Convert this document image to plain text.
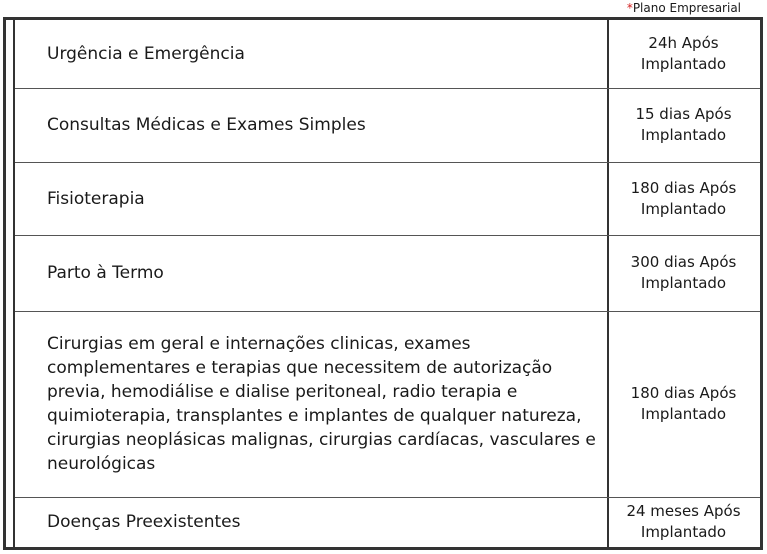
*Plano Empresarial
Urgência e Emergência
24h Após Implantado
Consultas Médicas e Exames Simples
15 dias Após Implantado
Fisioterapia
180 dias Após Implantado
Parto à Termo
300 dias Após Implantado
Cirurgias em geral e internações clinicas, exames complementares e terapias que necessitem de autorização previa, hemodiálise e dialise peritoneal, radio terapia e quimioterapia, transplantes e implantes de qualquer natureza, cirurgias neoplásicas malignas, cirurgias cardíacas, vasculares e neurológicas
180 dias Após Implantado
Doenças Preexistentes
24 meses Após Implantado
